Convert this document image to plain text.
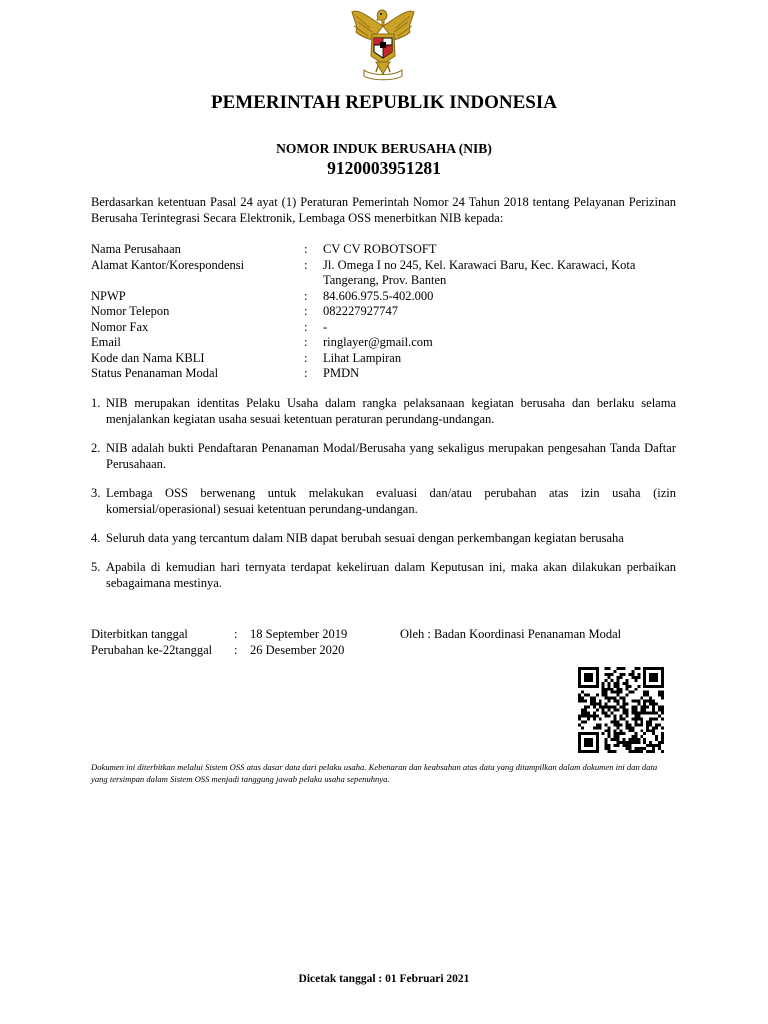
PEMERINTAH REPUBLIK INDONESIA
NOMOR INDUK BERUSAHA (NIB)
9120003951281
Berdasarkan ketentuan Pasal 24 ayat (1) Peraturan Pemerintah Nomor 24 Tahun 2018 tentang Pelayanan Perizinan Berusaha Terintegrasi Secara Elektronik, Lembaga OSS menerbitkan NIB kepada:
Nama Perusahaan	:	CV CV ROBOTSOFT
Alamat Kantor/Korespondensi	:	Jl. Omega I no 245, Kel. Karawaci Baru, Kec. Karawaci, Kota Tangerang, Prov. Banten
NPWP	:	84.606.975.5-402.000
Nomor Telepon	:	082227927747
Nomor Fax	:	-
Email	:	ringlayer@gmail.com
Kode dan Nama KBLI	:	Lihat Lampiran
Status Penanaman Modal	:	PMDN
1. NIB merupakan identitas Pelaku Usaha dalam rangka pelaksanaan kegiatan berusaha dan berlaku selama menjalankan kegiatan usaha sesuai ketentuan peraturan perundang-undangan.
2. NIB adalah bukti Pendaftaran Penanaman Modal/Berusaha yang sekaligus merupakan pengesahan Tanda Daftar Perusahaan.
3. Lembaga OSS berwenang untuk melakukan evaluasi dan/atau perubahan atas izin usaha (izin komersial/operasional) sesuai ketentuan perundang-undangan.
4. Seluruh data yang tercantum dalam NIB dapat berubah sesuai dengan perkembangan kegiatan berusaha
5. Apabila di kemudian hari ternyata terdapat kekeliruan dalam Keputusan ini, maka akan dilakukan perbaikan sebagaimana mestinya.
Diterbitkan tanggal	:	18 September 2019	Oleh : Badan Koordinasi Penanaman Modal
Perubahan ke-22tanggal	:	26 Desember 2020
Dokumen ini diterbitkan melalui Sistem OSS atas dasar data dari pelaku usaha. Kebenaran dan keabsahan atas data yang ditampilkan dalam dokumen ini dan data yang tersimpan dalam Sistem OSS menjadi tanggung jawab pelaku usaha sepenuhnya.
Dicetak tanggal : 01 Februari 2021
